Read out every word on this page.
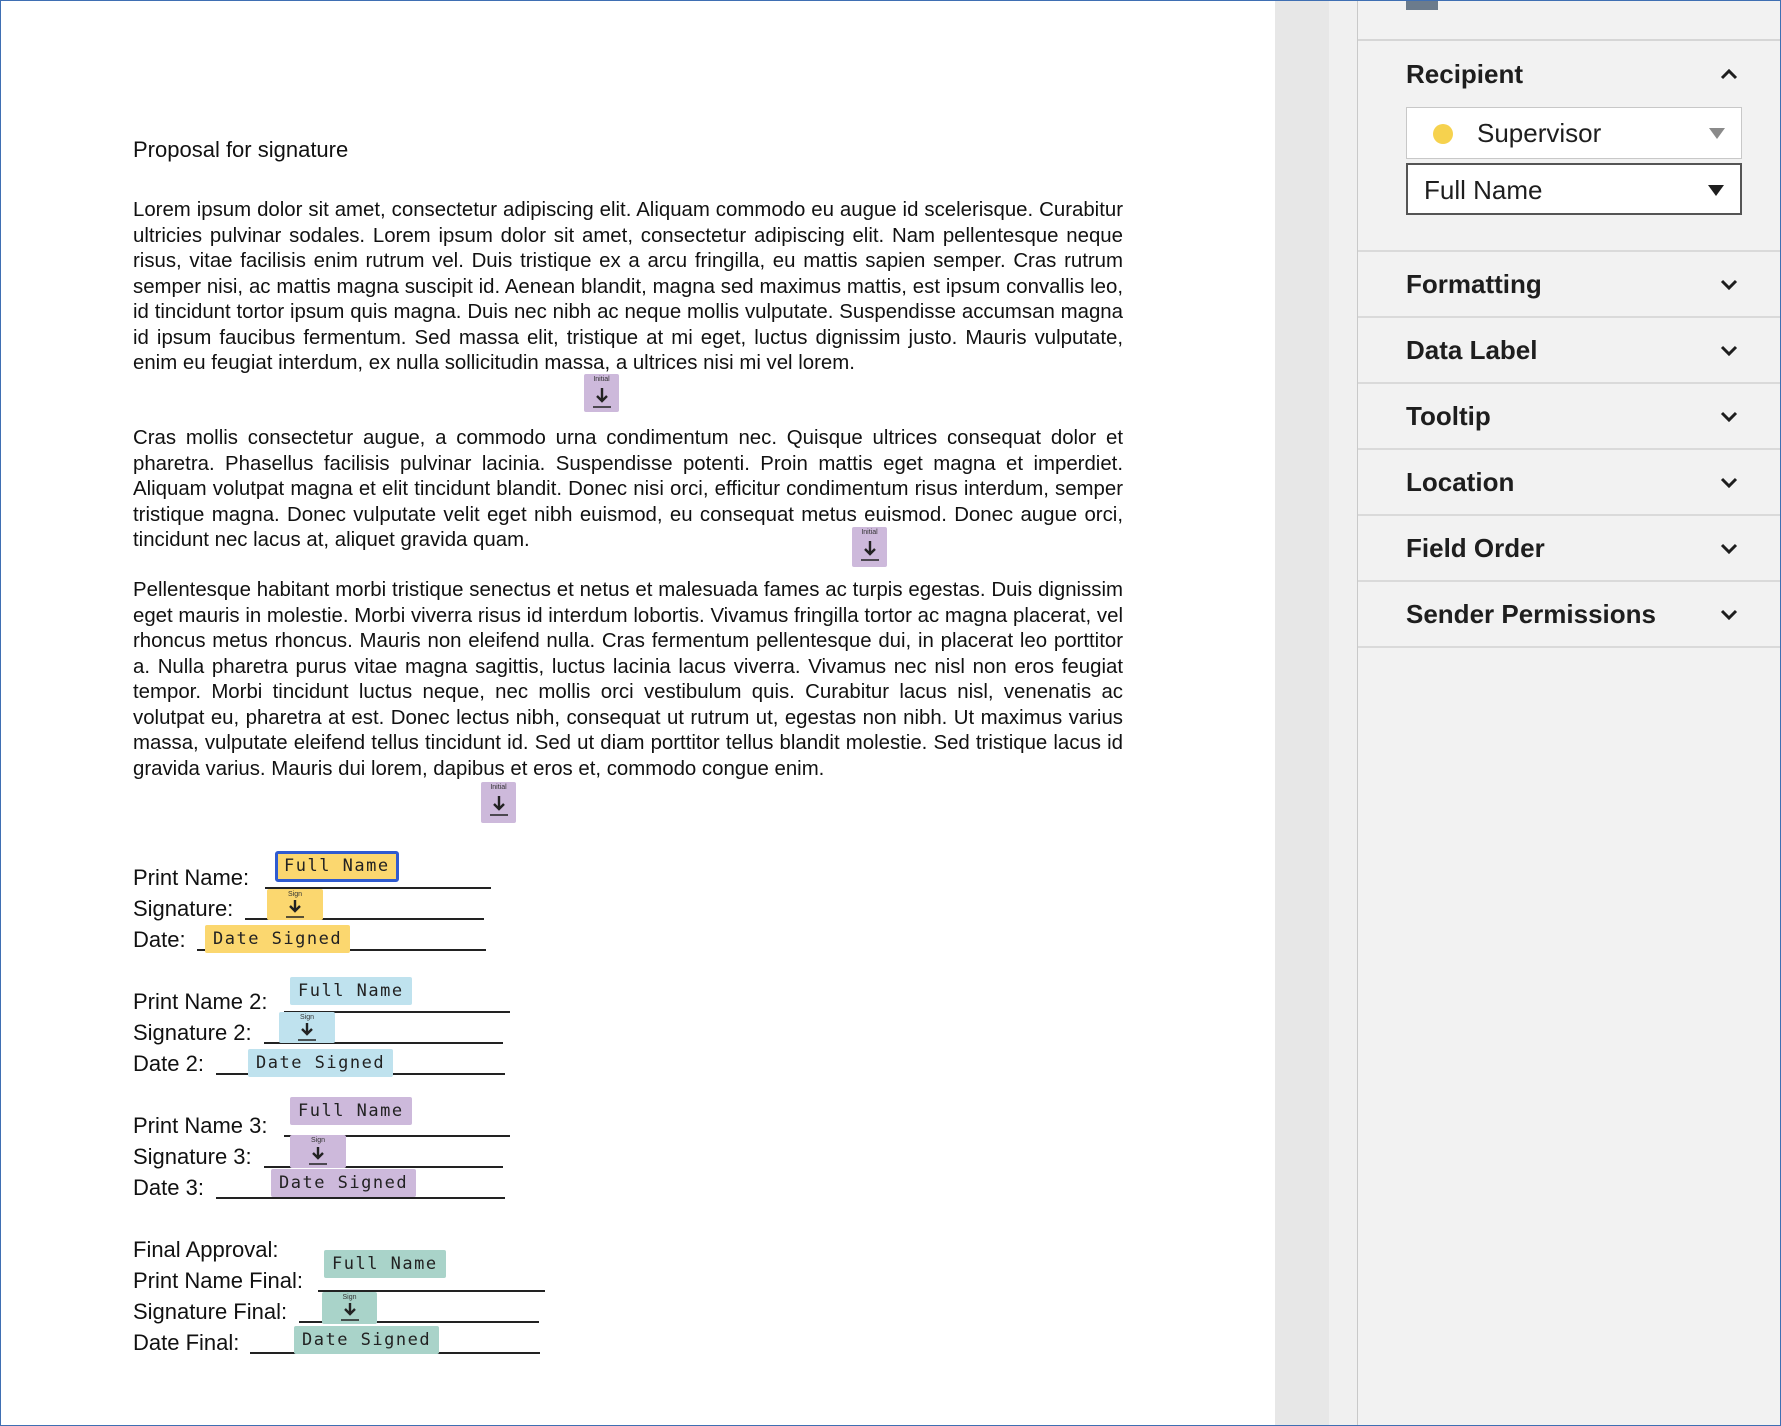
Proposal for signature

Lorem ipsum dolor sit amet, consectetur adipiscing elit. Aliquam commodo eu augue id scelerisque. Curabitur ultricies pulvinar sodales. Lorem ipsum dolor sit amet, consectetur adipiscing elit. Nam pellentesque neque risus, vitae facilisis enim rutrum vel. Duis tristique ex a arcu fringilla, eu mattis sapien semper. Cras rutrum semper nisi, ac mattis magna suscipit id. Aenean blandit, magna sed maximus mattis, est ipsum convallis leo, id tincidunt tortor ipsum quis magna. Duis nec nibh ac neque mollis vulputate. Suspendisse accumsan magna id ipsum faucibus fermentum. Sed massa elit, tristique at mi eget, luctus dignissim justo. Mauris vulputate, enim eu feugiat interdum, ex nulla sollicitudin massa, a ultrices nisi mi vel lorem.

Cras mollis consectetur augue, a commodo urna condimentum nec. Quisque ultrices consequat dolor et pharetra. Phasellus facilisis pulvinar lacinia. Suspendisse potenti. Proin mattis eget magna et imperdiet. Aliquam volutpat magna et elit tincidunt blandit. Donec nisi orci, efficitur condimentum risus interdum, semper tristique magna. Donec vulputate velit eget nibh euismod, eu consequat metus euismod. Donec augue orci, tincidunt nec lacus at, aliquet gravida quam.

Pellentesque habitant morbi tristique senectus et netus et malesuada fames ac turpis egestas. Duis dignissim eget mauris in molestie. Morbi viverra risus id interdum lobortis. Vivamus fringilla tortor ac magna placerat, vel rhoncus metus rhoncus. Mauris non eleifend nulla. Cras fermentum pellentesque dui, in placerat leo porttitor a. Nulla pharetra purus vitae magna sagittis, luctus lacinia lacus viverra. Vivamus nec nisl non eros feugiat tempor. Morbi tincidunt luctus neque, nec mollis orci vestibulum quis. Curabitur lacus nisl, venenatis ac volutpat eu, pharetra at est. Donec lectus nibh, consequat ut rutrum ut, egestas non nibh. Ut maximus varius massa, vulputate eleifend tellus tincidunt id. Sed ut diam porttitor tellus blandit molestie. Sed tristique lacus id gravida varius. Mauris dui lorem, dapibus et eros et, commodo congue enim.

Initial
Initial
Initial
Print Name:
Signature:
Date:
Full Name
Sign
Date Signed
Print Name 2:
Signature 2:
Date 2:
Full Name
Sign
Date Signed
Print Name 3:
Signature 3:
Date 3:
Full Name
Sign
Date Signed
Final Approval:
Print Name Final:
Signature Final:
Date Final:
Full Name
Sign
Date Signed
Recipient
Supervisor
Full Name
Formatting
Data Label
Tooltip
Location
Field Order
Sender Permissions
